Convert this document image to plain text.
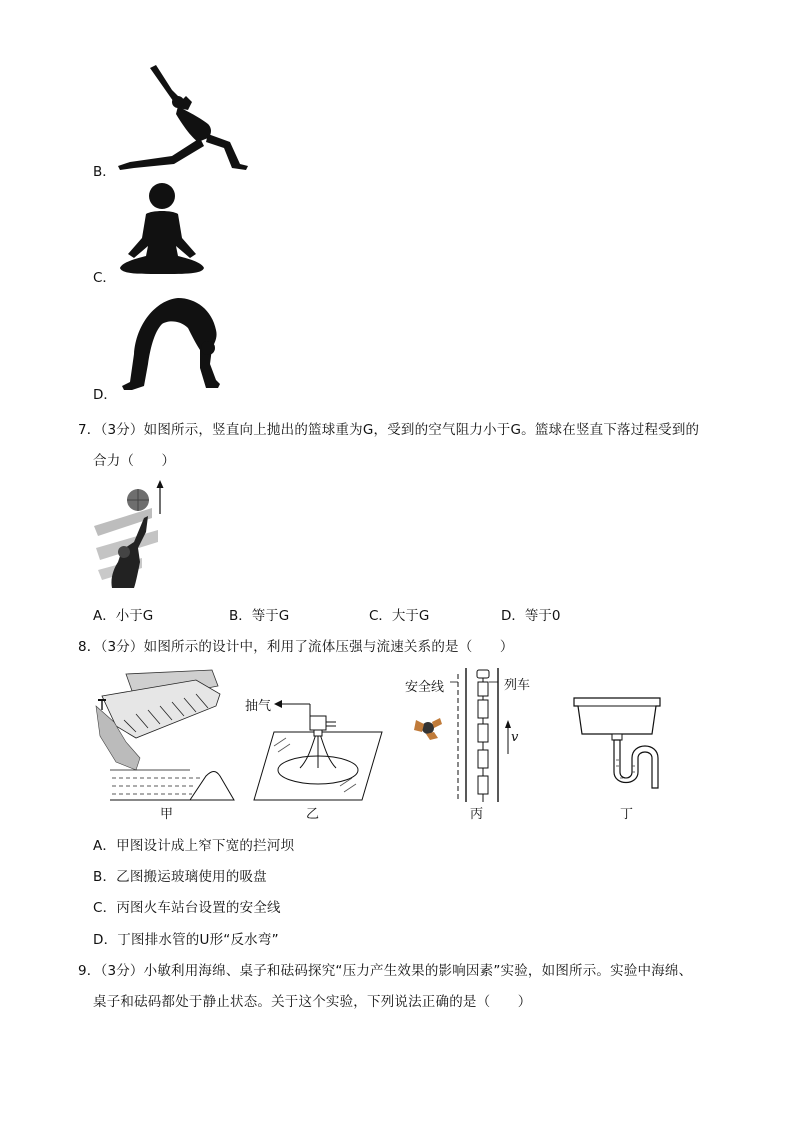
B．
C．
D．
7．（3分）如图所示，竖直向上抛出的篮球重为G，受到的空气阻力小于G。篮球在竖直下落过程受到的
合力（　　）
A．小于G	B．等于G	C．大于G	D．等于0
8．（3分）如图所示的设计中，利用了流体压强与流速关系的是（　　）
甲
抽气
乙
安全线	列车
v
丙	丁
A．甲图设计成上窄下宽的拦河坝
B．乙图搬运玻璃使用的吸盘
C．丙图火车站台设置的安全线
D．丁图排水管的U形“反水弯”
9．（3分）小敏利用海绵、桌子和砝码探究“压力产生效果的影响因素”实验，如图所示。实验中海绵、
桌子和砝码都处于静止状态。关于这个实验，下列说法正确的是（　　）
